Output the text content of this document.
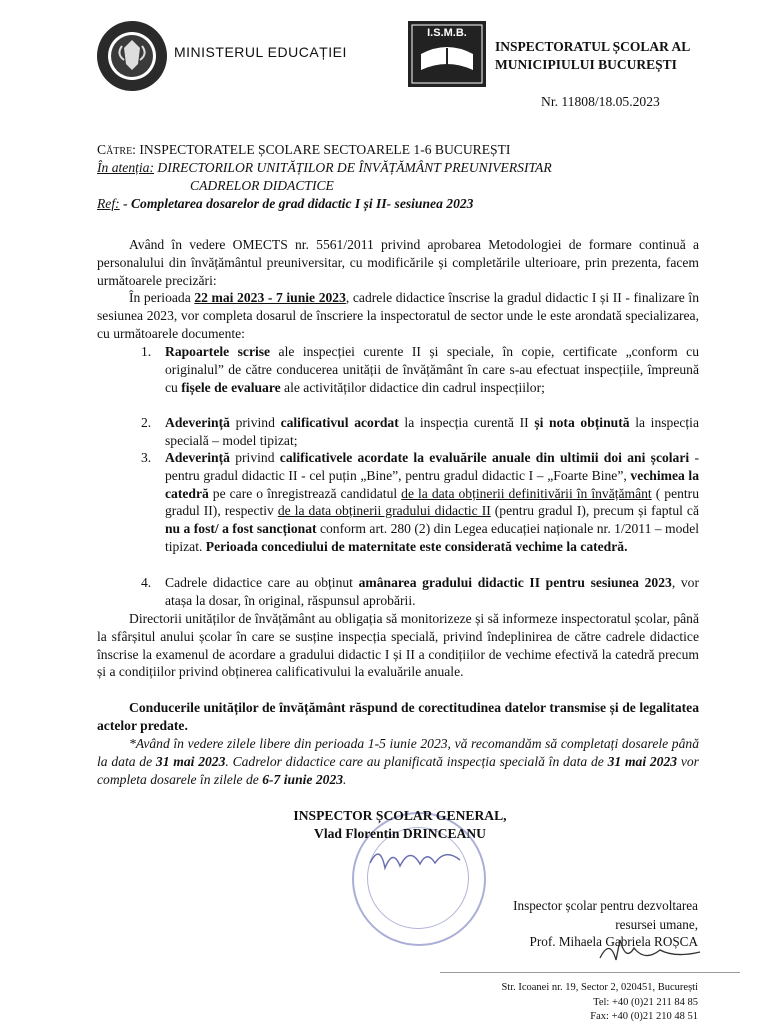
MINISTERUL EDUCAȚIEI
I.S.M.B.
INSPECTORATUL ȘCOLAR AL
MUNICIPIULUI BUCUREȘTI
Nr. 11808/18.05.2023
Către: INSPECTORATELE ȘCOLARE SECTOARELE 1-6 BUCUREȘTI
În atenția: DIRECTORILOR UNITĂȚILOR DE ÎNVĂȚĂMÂNT PREUNIVERSITAR
CADRELOR DIDACTICE
Ref: - Completarea dosarelor de grad didactic I și II- sesiunea 2023
Având în vedere OMECTS nr. 5561/2011 privind aprobarea Metodologiei de formare continuă a personalului din învățământul preuniversitar, cu modificările și completările ulterioare, prin prezenta, facem următoarele precizări:
În perioada 22 mai 2023 - 7 iunie 2023, cadrele didactice înscrise la gradul didactic I și II - finalizare în sesiunea 2023, vor completa dosarul de înscriere la inspectoratul de sector unde le este arondată specializarea, cu următoarele documente:
1. Rapoartele scrise ale inspecției curente II și speciale, în copie, certificate „conform cu originalul” de către conducerea unității de învățământ în care s-au efectuat inspecțiile, împreună cu fișele de evaluare ale activităților didactice din cadrul inspecțiilor;
2. Adeverință privind calificativul acordat la inspecția curentă II și nota obținută la inspecția specială – model tipizat;
3. Adeverință privind calificativele acordate la evaluările anuale din ultimii doi ani școlari - pentru gradul didactic II - cel puțin „Bine”, pentru gradul didactic I – „Foarte Bine”, vechimea la catedră pe care o înregistrează candidatul de la data obținerii definitivării în învățământ ( pentru gradul II), respectiv de la data obținerii gradului didactic II (pentru gradul I), precum și faptul că nu a fost/ a fost sancționat conform art. 280 (2) din Legea educației naționale nr. 1/2011 – model tipizat. Perioada concediului de maternitate este considerată vechime la catedră.
4. Cadrele didactice care au obținut amânarea gradului didactic II pentru sesiunea 2023, vor atașa la dosar, în original, răspunsul aprobării.
Directorii unităților de învățământ au obligația să monitorizeze și să informeze inspectoratul școlar, până la sfârșitul anului școlar în care se susține inspecția specială, privind îndeplinirea de către cadrele didactice înscrise la examenul de acordare a gradului didactic I și II a condițiilor de vechime efectivă la catedră precum și a condițiilor privind obținerea calificativului la evaluările anuale.
Conducerile unităților de învățământ răspund de corectitudinea datelor transmise și de legalitatea actelor predate.
*Având în vedere zilele libere din perioada 1-5 iunie 2023, vă recomandăm să completați dosarele până la data de 31 mai 2023. Cadrelor didactice care au planificată inspecția specială în data de 31 mai 2023 vor completa dosarele în zilele de 6-7 iunie 2023.
INSPECTOR ȘCOLAR GENERAL,
Vlad Florentin DRINCEANU
Inspector școlar pentru dezvoltarea
resursei umane,
Prof. Mihaela Gabriela ROȘCA
Str. Icoanei nr. 19, Sector 2, 020451, București
Tel: +40 (0)21 211 84 85
Fax: +40 (0)21 210 48 51
